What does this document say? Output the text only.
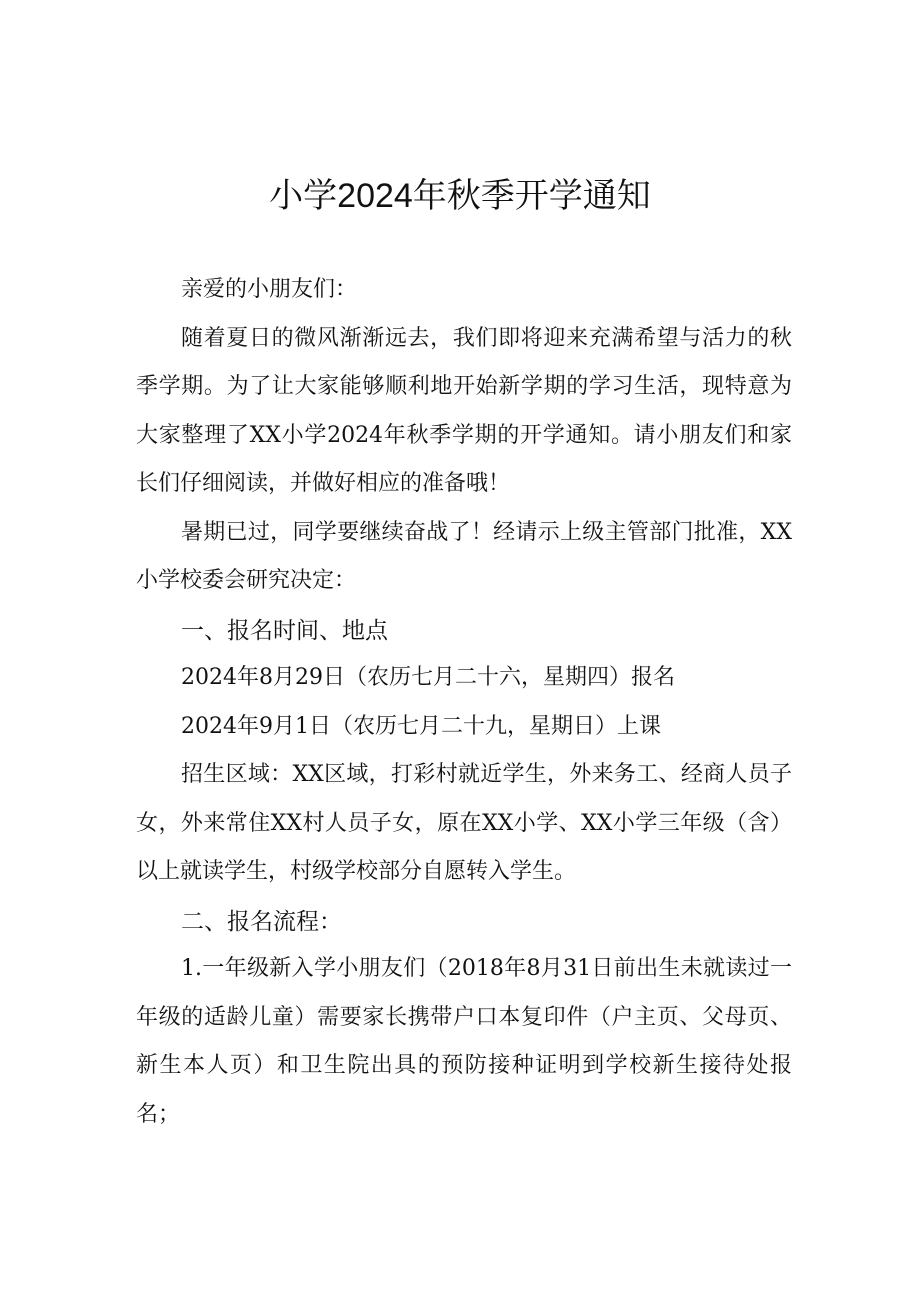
小学2024年秋季开学通知

亲爱的小朋友们：

随着夏日的微风渐渐远去，我们即将迎来充满希望与活力的秋季学期。为了让大家能够顺利地开始新学期的学习生活，现特意为大家整理了XX小学2024年秋季学期的开学通知。请小朋友们和家长们仔细阅读，并做好相应的准备哦！

暑期已过，同学要继续奋战了！经请示上级主管部门批准，XX小学校委会研究决定：

一、报名时间、地点

2024年8月29日（农历七月二十六，星期四）报名

2024年9月1日（农历七月二十九，星期日）上课

招生区域：XX区域，打彩村就近学生，外来务工、经商人员子女，外来常住XX村人员子女，原在XX小学、XX小学三年级（含）以上就读学生，村级学校部分自愿转入学生。

二、报名流程：

1.一年级新入学小朋友们（2018年8月31日前出生未就读过一年级的适龄儿童）需要家长携带户口本复印件（户主页、父母页、新生本人页）和卫生院出具的预防接种证明到学校新生接待处报名；
